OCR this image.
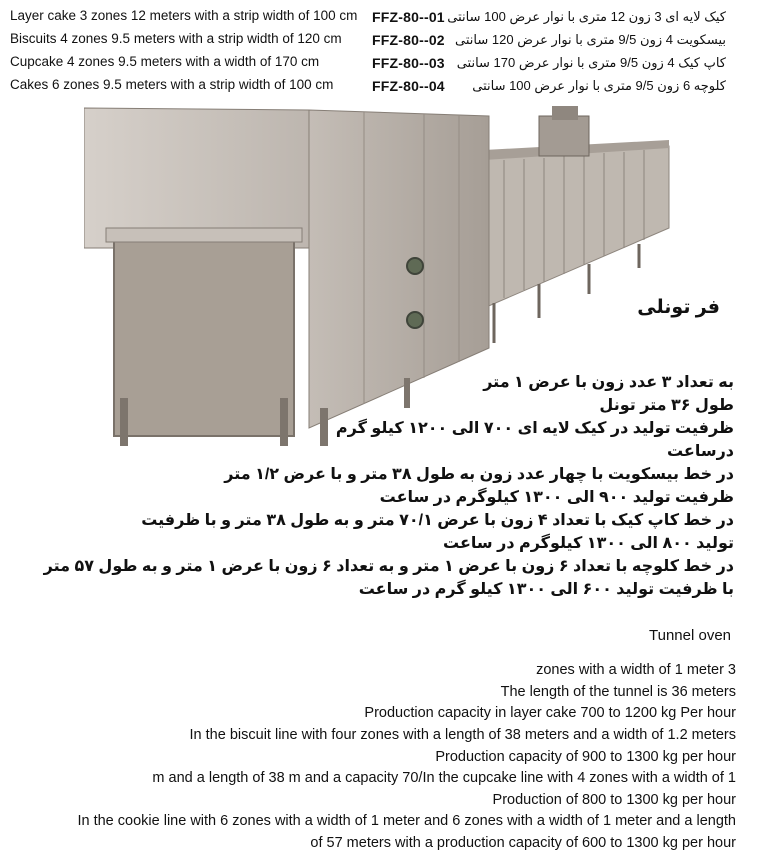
Layer cake 3 zones 12 meters with a strip width of 100 cm FFZ-80--01 کیک لایه ای 3 زون 12 متری با نوار عرض 100 سانتی
Biscuits 4 zones 9.5 meters with a strip width of 120 cm FFZ-80--02 بیسکویت 4 زون 9/5 متری با نوار عرض 120 سانتی
Cupcake 4 zones 9.5 meters with a width of 170 cm	FFZ-80--03 کاپ کیک 4 زون 9/5 متری با نوار عرض 170 سانتی
Cakes 6 zones 9.5 meters with a strip width of 100 cm	FFZ-80--04 کلوچه 6 زون 9/5 متری با نوار عرض 100 سانتی
فر تونلی
به تعداد ۳ عدد زون با عرض ۱ متر
طول ۳۶ متر تونل
ظرفیت تولید در کیک لایه ای ۷۰۰ الی ۱۲۰۰ کیلو گرم
درساعت
در خط بیسکویت با چهار عدد زون به طول ۳۸ متر و با عرض ۱/۲ متر
ظرفیت تولید ۹۰۰ الی ۱۳۰۰ کیلوگرم در ساعت
در خط کاپ کیک با تعداد ۴ زون با عرض ۷۰/۱ متر و به طول ۳۸ متر و با ظرفیت
تولید ۸۰۰ الی ۱۳۰۰ کیلوگرم در ساعت
در خط کلوچه با تعداد ۶ زون با عرض ۱ متر و به تعداد ۶ زون با عرض ۱ متر و به طول ۵۷ متر
با ظرفیت تولید ۶۰۰ الی ۱۳۰۰ کیلو گرم در ساعت
Tunnel oven
zones with a width of 1 meter 3
The length of the tunnel is 36 meters
Production capacity in layer cake 700 to 1200 kg Per hour
In the biscuit line with four zones with a length of 38 meters and a width of 1.2 meters
Production capacity of 900 to 1300 kg per hour
m and a length of 38 m and a capacity 70/In the cupcake line with 4 zones with a width of 1
Production of 800 to 1300 kg per hour
In the cookie line with 6 zones with a width of 1 meter and 6 zones with a width of 1 meter and a length
of 57 meters with a production capacity of 600 to 1300 kg per hour
